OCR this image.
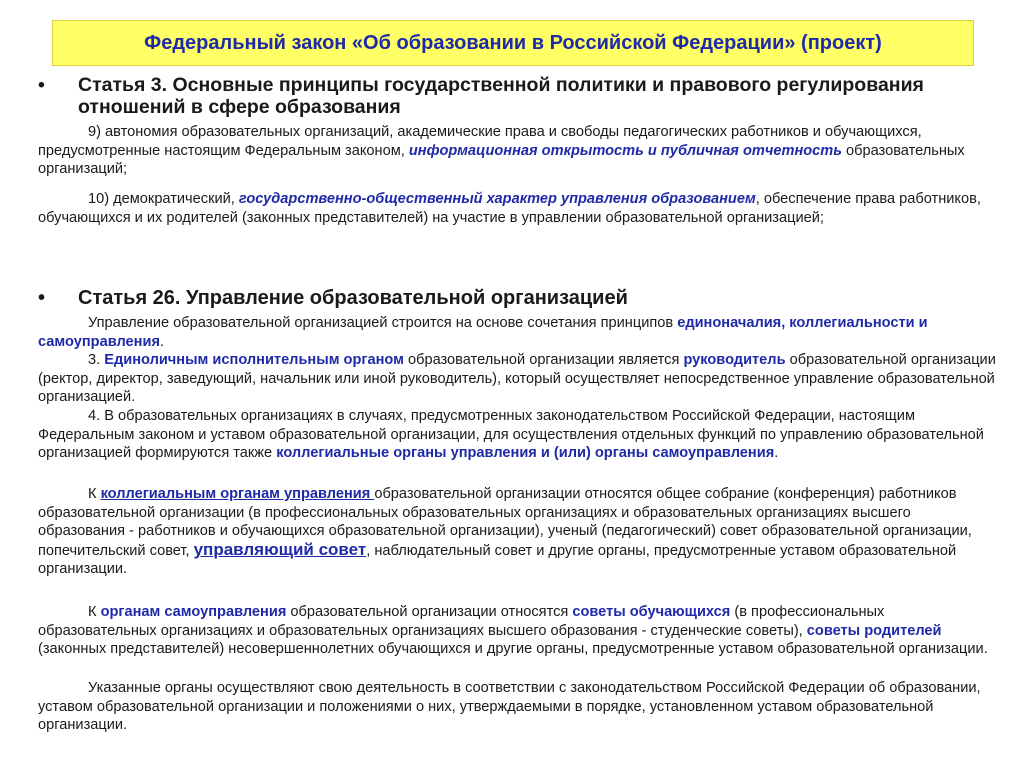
Федеральный закон «Об образовании в Российской Федерации» (проект)
• Статья 3. Основные принципы государственной политики и правового регулирования отношений в сфере образования
9) автономия образовательных организаций, академические права и свободы педагогических работников и обучающихся, предусмотренные настоящим Федеральным законом, информационная открытость и публичная отчетность образовательных организаций;
10) демократический, государственно-общественный характер управления образованием, обеспечение права работников, обучающихся и их родителей (законных представителей) на участие в управлении образовательной организацией;
• Статья 26. Управление образовательной организацией
Управление образовательной организацией строится на основе сочетания принципов единоначалия, коллегиальности и самоуправления.
3. Единоличным исполнительным органом образовательной организации является руководитель образовательной организации (ректор, директор, заведующий, начальник или иной руководитель), который осуществляет непосредственное управление образовательной организацией.
4. В образовательных организациях в случаях, предусмотренных законодательством Российской Федерации, настоящим Федеральным законом и уставом образовательной организации, для осуществления отдельных функций по управлению образовательной организацией формируются также коллегиальные органы управления и (или) органы самоуправления.
К коллегиальным органам управления образовательной организации относятся общее собрание (конференция) работников образовательной организации (в профессиональных образовательных организациях и образовательных организациях высшего образования - работников и обучающихся образовательной организации), ученый (педагогический) совет образовательной организации, попечительский совет, управляющий совет, наблюдательный совет и другие органы, предусмотренные уставом образовательной организации.
К органам самоуправления образовательной организации относятся советы обучающихся (в профессиональных образовательных организациях и образовательных организациях высшего образования - студенческие советы), советы родителей (законных представителей) несовершеннолетних обучающихся и другие органы, предусмотренные уставом образовательной организации.
Указанные органы осуществляют свою деятельность в соответствии с законодательством Российской Федерации об образовании, уставом образовательной организации и положениями о них, утверждаемыми в порядке, установленном уставом образовательной организации.
